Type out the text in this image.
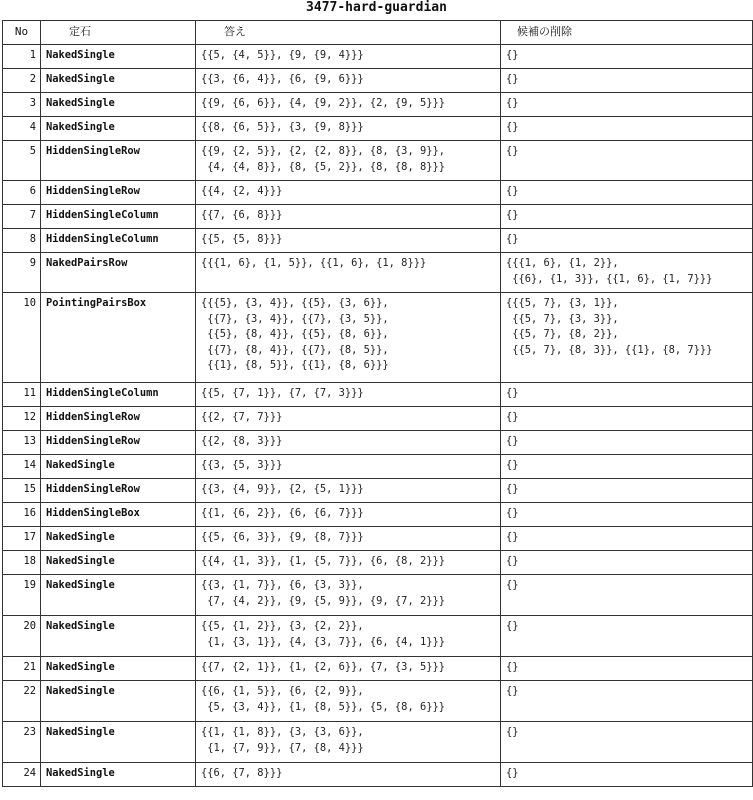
3477-hard-guardian
No	定石	答え	候補の削除
1	NakedSingle	{{5, {4, 5}}, {9, {9, 4}}}	{}
2	NakedSingle	{{3, {6, 4}}, {6, {9, 6}}}	{}
3	NakedSingle	{{9, {6, 6}}, {4, {9, 2}}, {2, {9, 5}}}	{}
4	NakedSingle	{{8, {6, 5}}, {3, {9, 8}}}	{}
5	HiddenSingleRow	{{9, {2, 5}}, {2, {2, 8}}, {8, {3, 9}},
{4, {4, 8}}, {8, {5, 2}}, {8, {8, 8}}}	{}
6	HiddenSingleRow	{{4, {2, 4}}}	{}
7	HiddenSingleColumn	{{7, {6, 8}}}	{}
8	HiddenSingleColumn	{{5, {5, 8}}}	{}
9	NakedPairsRow	{{{1, 6}, {1, 5}}, {{1, 6}, {1, 8}}}	{{{1, 6}, {1, 2}},
{{6}, {1, 3}}, {{1, 6}, {1, 7}}}
10	PointingPairsBox	{{{5}, {3, 4}}, {{5}, {3, 6}},
{{7}, {3, 4}}, {{7}, {3, 5}},
{{5}, {8, 4}}, {{5}, {8, 6}},
{{7}, {8, 4}}, {{7}, {8, 5}},
{{1}, {8, 5}}, {{1}, {8, 6}}}	{{{5, 7}, {3, 1}},
{{5, 7}, {3, 3}},
{{5, 7}, {8, 2}},
{{5, 7}, {8, 3}}, {{1}, {8, 7}}}
11	HiddenSingleColumn	{{5, {7, 1}}, {7, {7, 3}}}	{}
12	HiddenSingleRow	{{2, {7, 7}}}	{}
13	HiddenSingleRow	{{2, {8, 3}}}	{}
14	NakedSingle	{{3, {5, 3}}}	{}
15	HiddenSingleRow	{{3, {4, 9}}, {2, {5, 1}}}	{}
16	HiddenSingleBox	{{1, {6, 2}}, {6, {6, 7}}}	{}
17	NakedSingle	{{5, {6, 3}}, {9, {8, 7}}}	{}
18	NakedSingle	{{4, {1, 3}}, {1, {5, 7}}, {6, {8, 2}}}	{}
19	NakedSingle	{{3, {1, 7}}, {6, {3, 3}},
{7, {4, 2}}, {9, {5, 9}}, {9, {7, 2}}}	{}
20	NakedSingle	{{5, {1, 2}}, {3, {2, 2}},
{1, {3, 1}}, {4, {3, 7}}, {6, {4, 1}}}	{}
21	NakedSingle	{{7, {2, 1}}, {1, {2, 6}}, {7, {3, 5}}}	{}
22	NakedSingle	{{6, {1, 5}}, {6, {2, 9}},
{5, {3, 4}}, {1, {8, 5}}, {5, {8, 6}}}	{}
23	NakedSingle	{{1, {1, 8}}, {3, {3, 6}},
{1, {7, 9}}, {7, {8, 4}}}	{}
24	NakedSingle	{{6, {7, 8}}}	{}
